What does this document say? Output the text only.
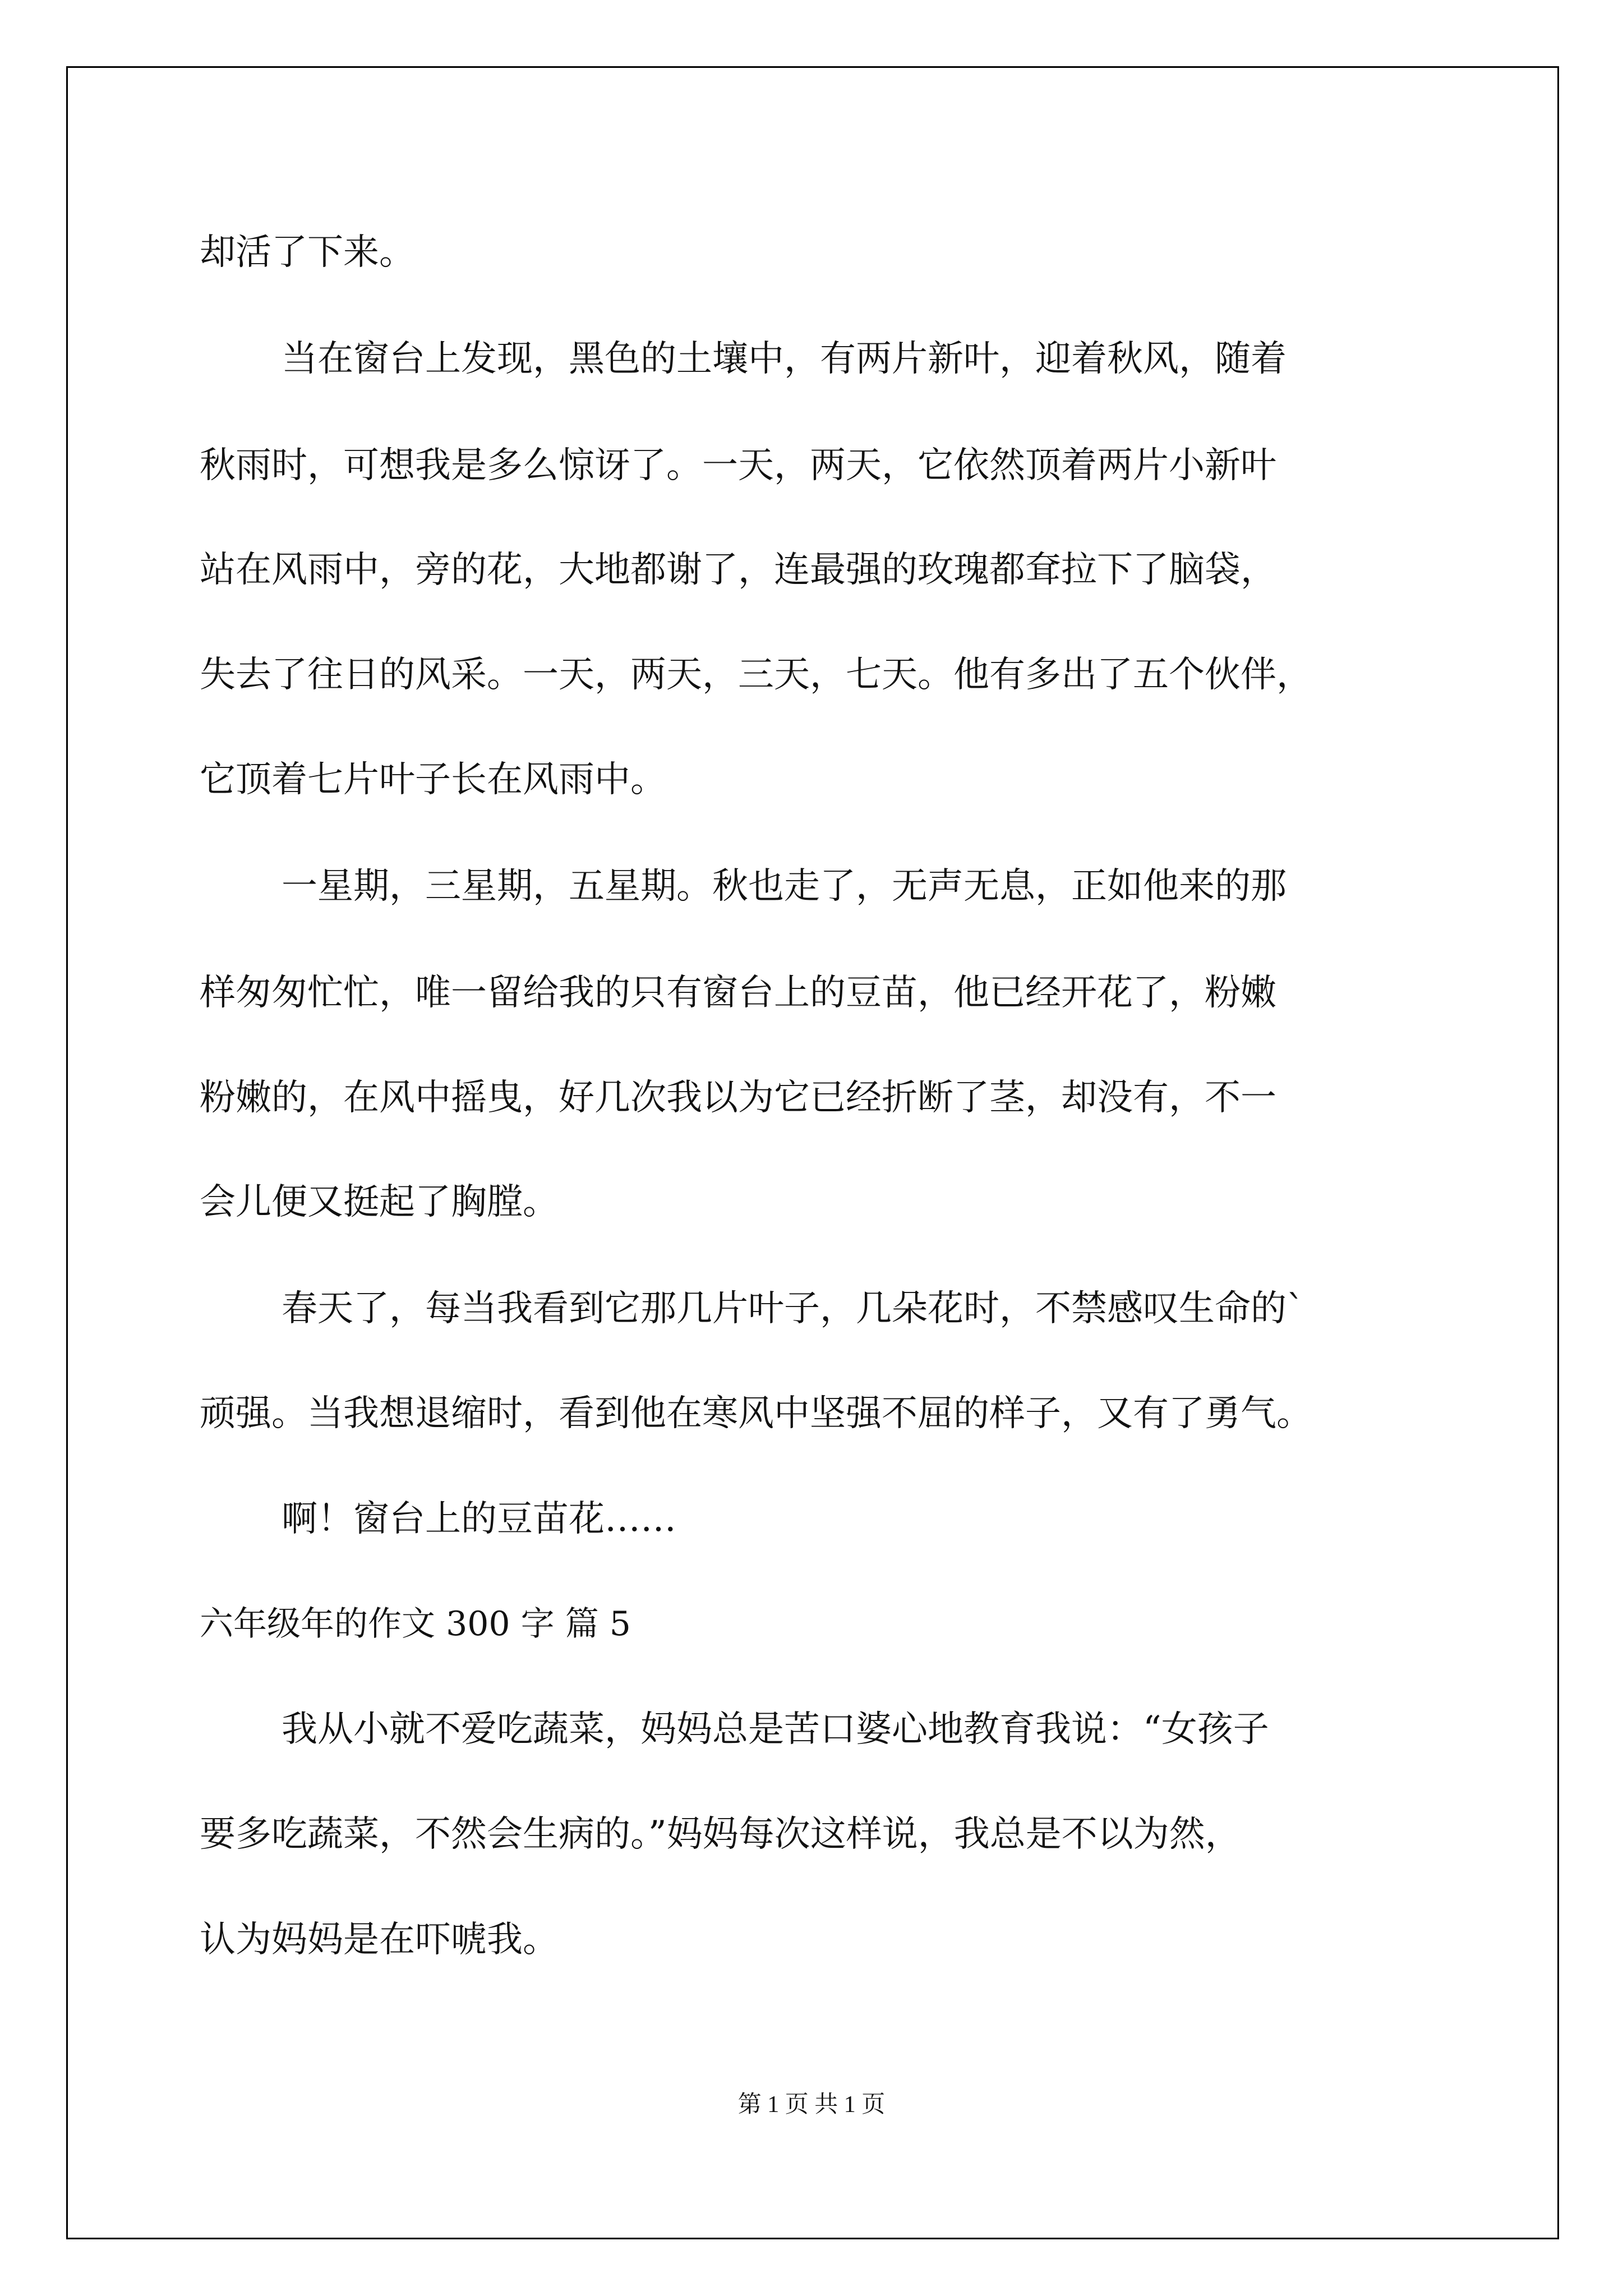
却活了下来。
当在窗台上发现，黑色的土壤中，有两片新叶，迎着秋风，随着
秋雨时，可想我是多么惊讶了。一天，两天，它依然顶着两片小新叶
站在风雨中，旁的花，大地都谢了，连最强的玫瑰都耷拉下了脑袋，
失去了往日的风采。一天，两天，三天，七天。他有多出了五个伙伴，
它顶着七片叶子长在风雨中。
一星期，三星期，五星期。秋也走了，无声无息，正如他来的那
样匆匆忙忙，唯一留给我的只有窗台上的豆苗，他已经开花了，粉嫩
粉嫩的，在风中摇曳，好几次我以为它已经折断了茎，却没有，不一
会儿便又挺起了胸膛。
春天了，每当我看到它那几片叶子，几朵花时，不禁感叹生命的`
顽强。当我想退缩时，看到他在寒风中坚强不屈的样子，又有了勇气。
啊！窗台上的豆苗花……
六年级年的作文 300 字 篇 5
我从小就不爱吃蔬菜，妈妈总是苦口婆心地教育我说：“女孩子
要多吃蔬菜，不然会生病的。”妈妈每次这样说，我总是不以为然，
认为妈妈是在吓唬我。
第 1 页 共 1 页
